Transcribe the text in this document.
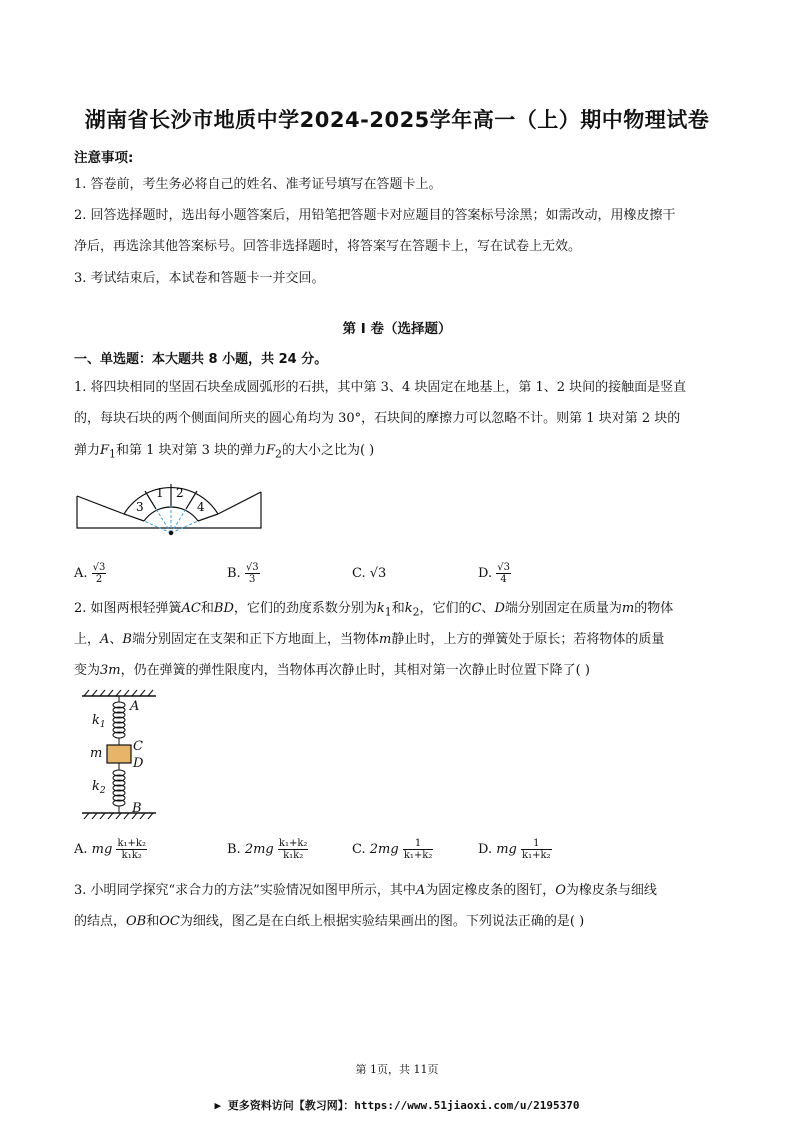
湖南省长沙市地质中学2024-2025学年高一（上）期中物理试卷
注意事项:
1. 答卷前，考生务必将自己的姓名、准考证号填写在答题卡上。
2. 回答选择题时，选出每小题答案后，用铅笔把答题卡对应题目的答案标号涂黑；如需改动，用橡皮擦干
净后，再选涂其他答案标号。回答非选择题时，将答案写在答题卡上，写在试卷上无效。
3. 考试结束后，本试卷和答题卡一并交回。
第 I 卷（选择题）
一、单选题：本大题共 8 小题，共 24 分。
1. 将四块相同的坚固石块垒成圆弧形的石拱，其中第 3、4 块固定在地基上，第 1、2 块间的接触面是竖直
的，每块石块的两个侧面间所夹的圆心角均为 30°，石块间的摩擦力可以忽略不计。则第 1 块对第 2 块的
弹力$F_1$和第 1 块对第 3 块的弹力$F_2$的大小之比为( )
3
1 2
4
A. $\frac{√3}{2}$	B. $\frac{√3}{3}$	C. √3	D. $\frac{√3}{4}$
2. 如图两根轻弹簧AC和BD，它们的劲度系数分别为$k_1$和$k_2$，它们的C、D端分别固定在质量为m的物体
上，A、B端分别固定在支架和正下方地面上，当物体m静止时，上方的弹簧处于原长；若将物体的质量
变为3m，仍在弹簧的弹性限度内，当物体再次静止时，其相对第一次静止时位置下降了( )
A
C
D
m
B
$k_1$
$k_2$
A. mg $\frac{\text{k₁+k₂}}{\text{k₁k₂}}$	B. $2mg \frac{\text{k₁+k₂}}{\text{k₁k₂}}$	C. $2mg \frac{1}{\text{k₁+k₂}}$	D. mg $\frac{1}{\text{k₁+k₂}}$
3. 小明同学探究“求合力的方法”实验情况如图甲所示，其中A为固定橡皮条的图钉，O为橡皮条与细线
的结点，OB和OC为细线，图乙是在白纸上根据实验结果画出的图。下列说法正确的是( )
第 1页，共 11页
▶ 更多资料访问【教习网】：https://www.51jiaoxi.com/u/2195370
